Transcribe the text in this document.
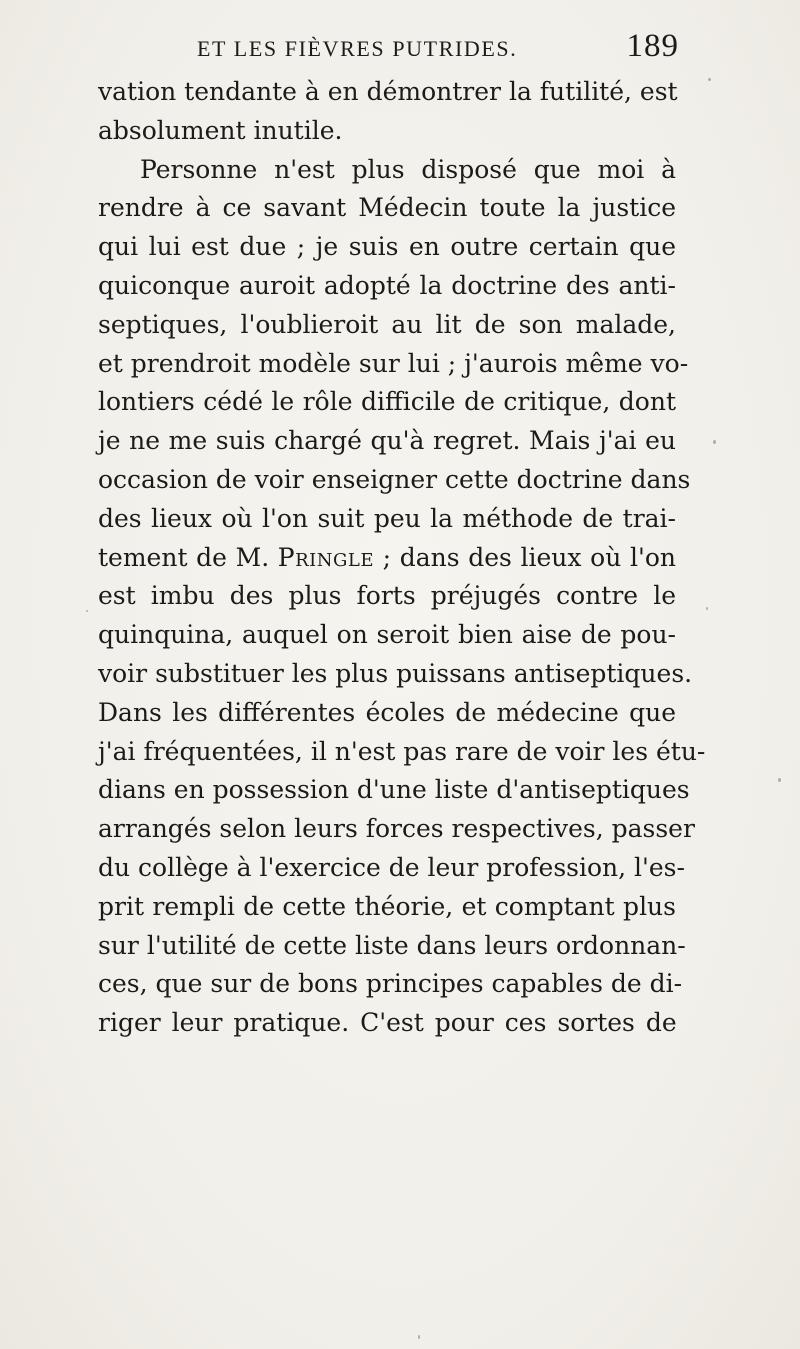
ET LES FIÈVRES PUTRIDES.	189
vation tendante à en démontrer la futilité, est
absolument inutile.
Personne n'est plus disposé que moi à
rendre à ce savant Médecin toute la justice
qui lui est due ; je suis en outre certain que
quiconque auroit adopté la doctrine des anti-
septiques, l'oublieroit au lit de son malade,
et prendroit modèle sur lui ; j'aurois même vo-
lontiers cédé le rôle difficile de critique, dont
je ne me suis chargé qu'à regret. Mais j'ai eu
occasion de voir enseigner cette doctrine dans
des lieux où l'on suit peu la méthode de trai-
tement de M. Pringle ; dans des lieux où l'on
est imbu des plus forts préjugés contre le
quinquina, auquel on seroit bien aise de pou-
voir substituer les plus puissans antiseptiques.
Dans les différentes écoles de médecine que
j'ai fréquentées, il n'est pas rare de voir les étu-
dians en possession d'une liste d'antiseptiques
arrangés selon leurs forces respectives, passer
du collège à l'exercice de leur profession, l'es-
prit rempli de cette théorie, et comptant plus
sur l'utilité de cette liste dans leurs ordonnan-
ces, que sur de bons principes capables de di-
riger leur pratique. C'est pour ces sortes de
